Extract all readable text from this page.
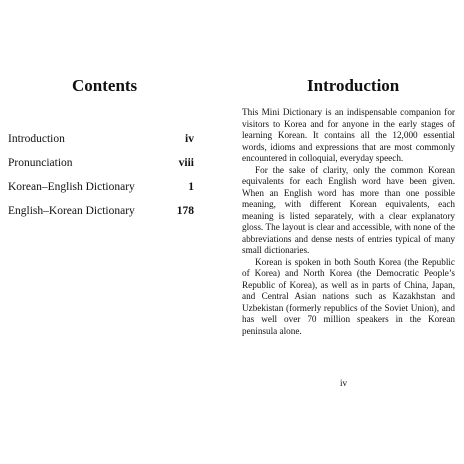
Contents
Introduction	iv
Pronunciation	viii
Korean–English Dictionary	1
English–Korean Dictionary	178
Introduction

This Mini Dictionary is an indispensable companion for visitors to Korea and for anyone in the early stages of learning Korean. It contains all the 12,000 essential words, idioms and expressions that are most commonly encountered in colloquial, everyday speech.

For the sake of clarity, only the common Korean equivalents for each English word have been given. When an English word has more than one possible meaning, with different Korean equivalents, each meaning is listed separately, with a clear explanatory gloss. The layout is clear and accessible, with none of the abbreviations and dense nests of entries typical of many small dictionaries.

Korean is spoken in both South Korea (the Republic of Korea) and North Korea (the Democratic People’s Republic of Korea), as well as in parts of China, Japan, and Central Asian nations such as Kazakhstan and Uzbekistan (formerly republics of the Soviet Union), and has well over 70 million speakers in the Korean peninsula alone.

iv
